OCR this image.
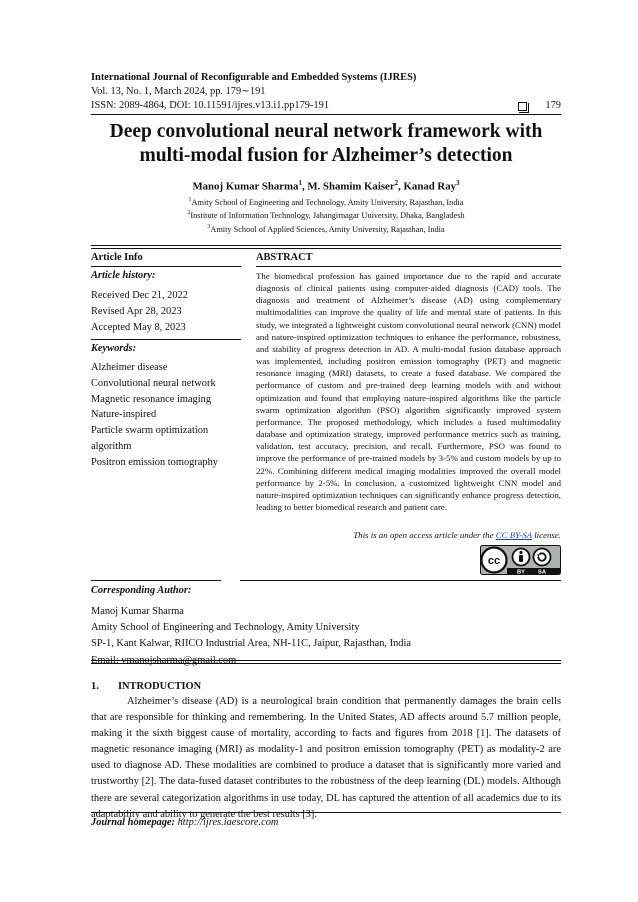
International Journal of Reconfigurable and Embedded Systems (IJRES)
Vol. 13, No. 1, March 2024, pp. 179∼191
ISSN: 2089-4864, DOI: 10.11591/ijres.v13.i1.pp179-191	179
Deep convolutional neural network framework with
multi-modal fusion for Alzheimer’s detection
Manoj Kumar Sharma$^1$, M. Shamim Kaiser$^2$, Kanad Ray$^3$
$^1$Amity School of Engineering and Technology, Amity University, Rajasthan, India
$^2$Institute of Information Technology, Jahangirnagar University, Dhaka, Bangladesh
$^3$Amity School of Applied Sciences, Amity University, Rajasthan, India
Article Info	ABSTRACT
Article history:
Received Dec 21, 2022
Revised Apr 28, 2023
Accepted May 8, 2023
Keywords:
Alzheimer disease
Convolutional neural network
Magnetic resonance imaging
Nature-inspired
Particle swarm optimization
algorithm
Positron emission tomography
The biomedical profession has gained importance due to the rapid and accurate diagnosis of clinical patients using computer-aided diagnosis (CAD) tools. The diagnosis and treatment of Alzheimer’s disease (AD) using complementary multimodalities can improve the quality of life and mental state of patients. In this study, we integrated a lightweight custom convolutional neural network (CNN) model and nature-inspired optimization techniques to enhance the performance, robustness, and stability of progress detection in AD. A multi-modal fusion database approach was implemented, including positron emission tomography (PET) and magnetic resonance imaging (MRI) datasets, to create a fused database. We compared the performance of custom and pre-trained deep learning models with and without optimization and found that employing nature-inspired algorithms like the particle swarm optimization algorithm (PSO) algorithm significantly improved system performance. The proposed methodology, which includes a fused multimodality database and optimization strategy, improved performance metrics such as training, validation, test accuracy, precision, and recall. Furthermore, PSO was found to improve the performance of pre-trained models by 3-5% and custom models by up to 22%. Combining different medical imaging modalities improved the overall model performance by 2-5%. In conclusion, a customized lightweight CNN model and nature-inspired optimization techniques can significantly enhance progress detection, leading to better biomedical research and patient care.
This is an open access article under the CC BY-SA license.
cc
BY SA
Corresponding Author:
Manoj Kumar Sharma
Amity School of Engineering and Technology, Amity University
SP-1, Kant Kalwar, RIICO Industrial Area, NH-11C, Jaipur, Rajasthan, India
Email: vmanojsharma@gmail.com
1. INTRODUCTION
Alzheimer’s disease (AD) is a neurological brain condition that permanently damages the brain cells that are responsible for thinking and remembering. In the United States, AD affects around 5.7 million people, making it the sixth biggest cause of mortality, according to facts and figures from 2018 [1]. The datasets of magnetic resonance imaging (MRI) as modality-1 and positron emission tomography (PET) as modality-2 are used to diagnose AD. These modalities are combined to produce a dataset that is significantly more varied and trustworthy [2]. The data-fused dataset contributes to the robustness of the deep learning (DL) models. Although there are several categorization algorithms in use today, DL has captured the attention of all academics due to its adaptability and ability to generate the best results [3].
Journal homepage: http://ijres.iaescore.com
